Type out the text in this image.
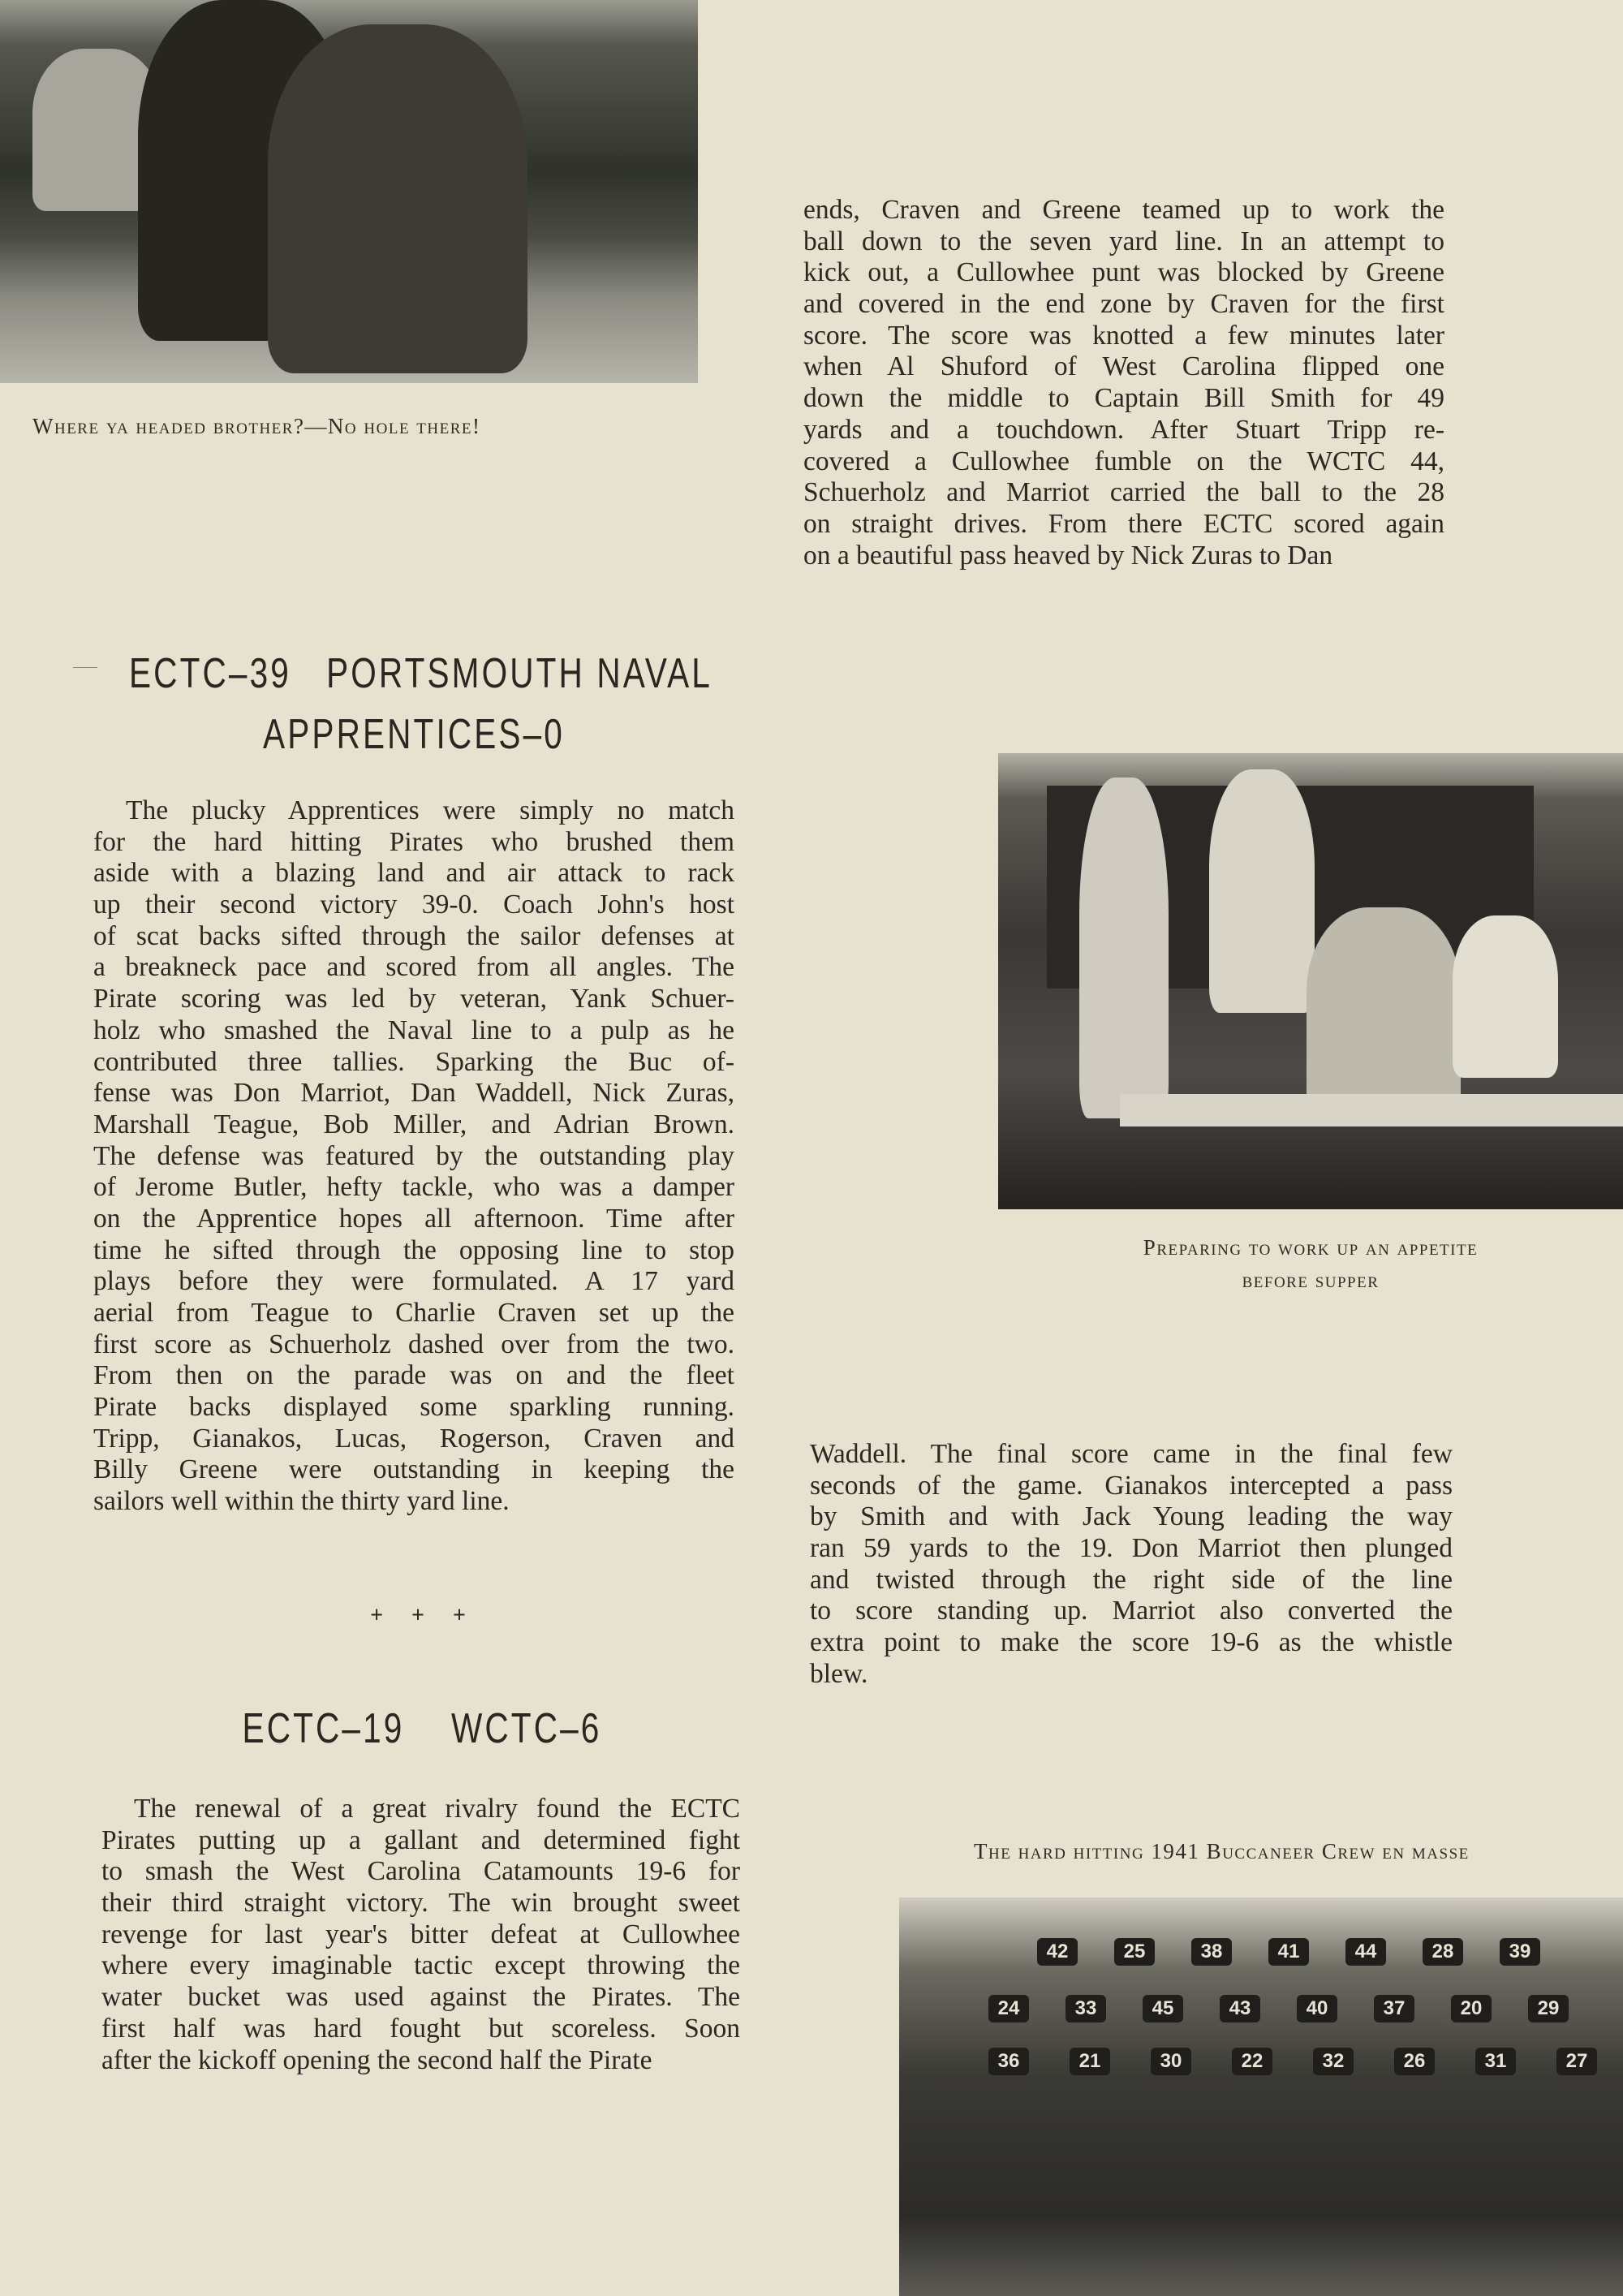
Where ya headed brother?—No hole there!
ends, Craven and Greene teamed up to work the
ball down to the seven yard line. In an attempt to
kick out, a Cullowhee punt was blocked by Greene
and covered in the end zone by Craven for the first
score. The score was knotted a few minutes later
when Al Shuford of West Carolina flipped one
down the middle to Captain Bill Smith for 49
yards and a touchdown. After Stuart Tripp re-
covered a Cullowhee fumble on the WCTC 44,
Schuerholz and Marriot carried the ball to the 28
on straight drives. From there ECTC scored again
on a beautiful pass heaved by Nick Zuras to Dan
ECTC–39   PORTSMOUTH NAVAL
APPRENTICES–0
The plucky Apprentices were simply no match
for the hard hitting Pirates who brushed them
aside with a blazing land and air attack to rack
up their second victory 39-0. Coach John's host
of scat backs sifted through the sailor defenses at
a breakneck pace and scored from all angles. The
Pirate scoring was led by veteran, Yank Schuer-
holz who smashed the Naval line to a pulp as he
contributed three tallies. Sparking the Buc of-
fense was Don Marriot, Dan Waddell, Nick Zuras,
Marshall Teague, Bob Miller, and Adrian Brown.
The defense was featured by the outstanding play
of Jerome Butler, hefty tackle, who was a damper
on the Apprentice hopes all afternoon. Time after
time he sifted through the opposing line to stop
plays before they were formulated. A 17 yard
aerial from Teague to Charlie Craven set up the
first score as Schuerholz dashed over from the two.
From then on the parade was on and the fleet
Pirate backs displayed some sparkling running.
Tripp, Gianakos, Lucas, Rogerson, Craven and
Billy Greene were outstanding in keeping the
sailors well within the thirty yard line.
Preparing to work up an appetite
before supper
Waddell. The final score came in the final few
seconds of the game. Gianakos intercepted a pass
by Smith and with Jack Young leading the way
ran 59 yards to the 19. Don Marriot then plunged
and twisted through the right side of the line
to score standing up. Marriot also converted the
extra point to make the score 19-6 as the whistle
blew.
+     +     +
ECTC–19    WCTC–6
The renewal of a great rivalry found the ECTC
Pirates putting up a gallant and determined fight
to smash the West Carolina Catamounts 19-6 for
their third straight victory. The win brought sweet
revenge for last year's bitter defeat at Cullowhee
where every imaginable tactic except throwing the
water bucket was used against the Pirates. The
first half was hard fought but scoreless. Soon
after the kickoff opening the second half the Pirate
The hard hitting 1941 Buccaneer Crew en masse
42	25	38	41	44	28	39
24	33	45	43	40	37	20	29
36	21	30	22	32	26	31	27
